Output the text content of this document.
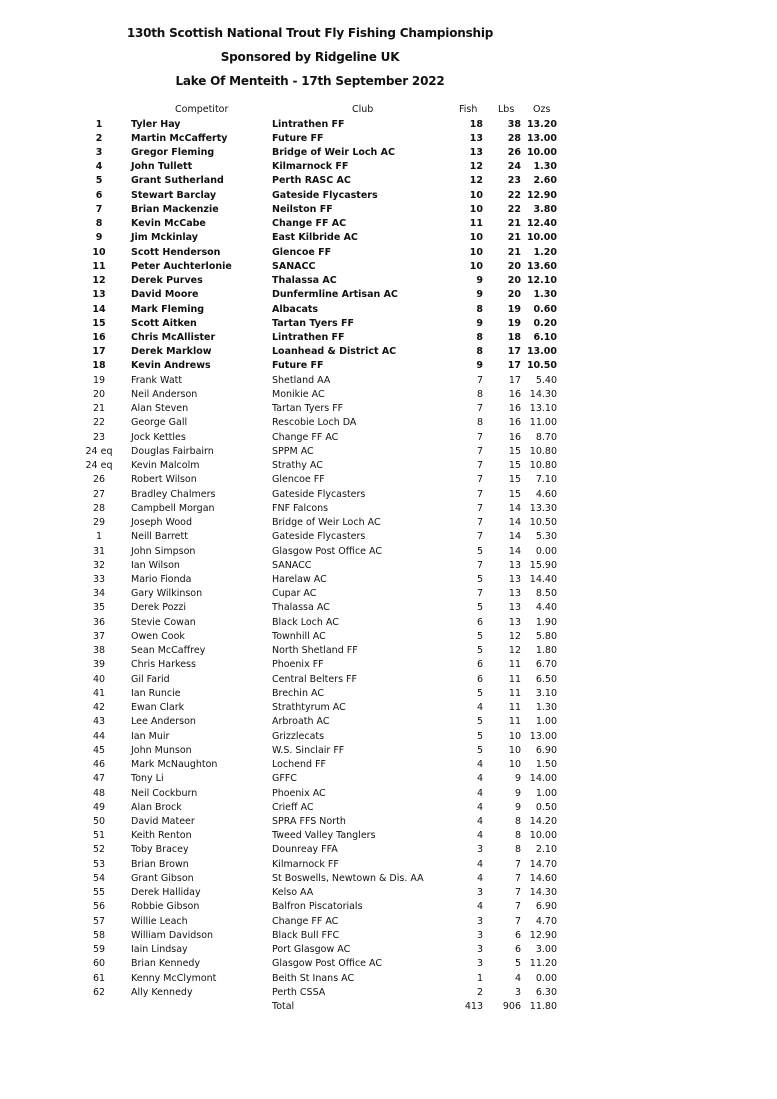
130th Scottish National Trout Fly Fishing Championship
Sponsored by Ridgeline UK
Lake Of Menteith - 17th September 2022
Competitor	Club	Fish Lbs Ozs
1	Tyler Hay	Lintrathen FF	18	38 13.20
2	Martin McCafferty	Future FF	13	28 13.00
3	Gregor Fleming	Bridge of Weir Loch AC	13	26 10.00
4	John Tullett	Kilmarnock FF	12	24 1.30
5	Grant Sutherland	Perth RASC AC	12	23 2.60
6	Stewart Barclay	Gateside Flycasters	10	22 12.90
7	Brian Mackenzie	Neilston FF	10	22 3.80
8	Kevin McCabe	Change FF AC	11	21 12.40
9	Jim Mckinlay	East Kilbride AC	10	21 10.00
10	Scott Henderson	Glencoe FF	10	21 1.20
11	Peter Auchterlonie	SANACC	10	20 13.60
12	Derek Purves	Thalassa AC	9	20 12.10
13	David Moore	Dunfermline Artisan AC	9	20 1.30
14	Mark Fleming	Albacats	8	19 0.60
15	Scott Aitken	Tartan Tyers FF	9	19 0.20
16	Chris McAllister	Lintrathen FF	8	18 6.10
17	Derek Marklow	Loanhead & District AC	8	17 13.00
18	Kevin Andrews	Future FF	9	17 10.50
19	Frank Watt	Shetland AA	7	17 5.40
20	Neil Anderson	Monikie AC	8	16 14.30
21	Alan Steven	Tartan Tyers FF	7	16 13.10
22	George Gall	Rescobie Loch DA	8	16 11.00
23	Jock Kettles	Change FF AC	7	16 8.70
24 eq	Douglas Fairbairn	SPPM AC	7	15 10.80
24 eq	Kevin Malcolm	Strathy AC	7	15 10.80
26	Robert Wilson	Glencoe FF	7	15 7.10
27	Bradley Chalmers	Gateside Flycasters	7	15 4.60
28	Campbell Morgan	FNF Falcons	7	14 13.30
29	Joseph Wood	Bridge of Weir Loch AC	7	14 10.50
1	Neill Barrett	Gateside Flycasters	7	14 5.30
31	John Simpson	Glasgow Post Office AC	5	14 0.00
32	Ian Wilson	SANACC	7	13 15.90
33	Mario Fionda	Harelaw AC	5	13 14.40
34	Gary Wilkinson	Cupar AC	7	13 8.50
35	Derek Pozzi	Thalassa AC	5	13 4.40
36	Stevie Cowan	Black Loch AC	6	13 1.90
37	Owen Cook	Townhill AC	5	12 5.80
38	Sean McCaffrey	North Shetland FF	5	12 1.80
39	Chris Harkess	Phoenix FF	6	11 6.70
40	Gil Farid	Central Belters FF	6	11 6.50
41	Ian Runcie	Brechin AC	5	11 3.10
42	Ewan Clark	Strathtyrum AC	4	11 1.30
43	Lee Anderson	Arbroath AC	5	11 1.00
44	Ian Muir	Grizzlecats	5	10 13.00
45	John Munson	W.S. Sinclair FF	5	10 6.90
46	Mark McNaughton	Lochend FF	4	10 1.50
47	Tony Li	GFFC	4	9 14.00
48	Neil Cockburn	Phoenix AC	4	9 1.00
49	Alan Brock	Crieff AC	4	9 0.50
50	David Mateer	SPRA FFS North	4	8 14.20
51	Keith Renton	Tweed Valley Tanglers	4	8 10.00
52	Toby Bracey	Dounreay FFA	3	8 2.10
53	Brian Brown	Kilmarnock FF	4	7 14.70
54	Grant Gibson	St Boswells, Newtown & Dis. AA	4	7 14.60
55	Derek Halliday	Kelso AA	3	7 14.30
56	Robbie Gibson	Balfron Piscatorials	4	7 6.90
57	Willie Leach	Change FF AC	3	7 4.70
58	William Davidson	Black Bull FFC	3	6 12.90
59	Iain Lindsay	Port Glasgow AC	3	6 3.00
60	Brian Kennedy	Glasgow Post Office AC	3	5 11.20
61	Kenny McClymont	Beith St Inans AC	1	4 0.00
62	Ally Kennedy	Perth CSSA	2	3 6.30
Total	413 906 11.80
